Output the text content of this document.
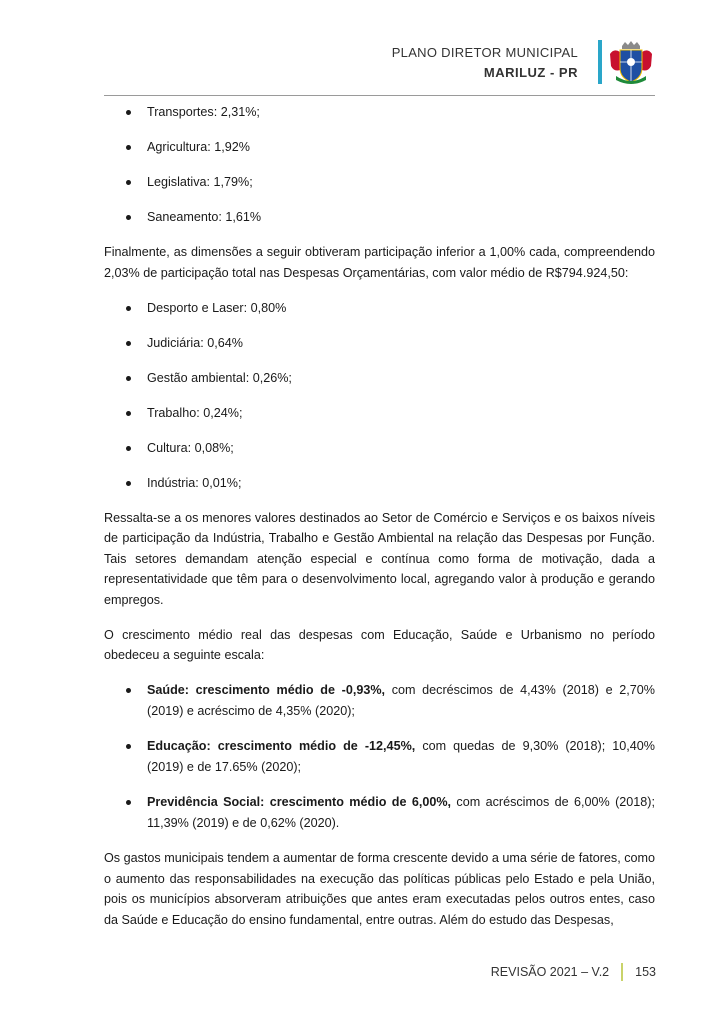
PLANO DIRETOR MUNICIPAL
MARILUZ - PR
Transportes: 2,31%;
Agricultura: 1,92%
Legislativa: 1,79%;
Saneamento: 1,61%

Finalmente, as dimensões a seguir obtiveram participação inferior a 1,00% cada, compreendendo 2,03% de participação total nas Despesas Orçamentárias, com valor médio de R$794.924,50:

Desporto e Laser: 0,80%
Judiciária: 0,64%
Gestão ambiental: 0,26%;
Trabalho: 0,24%;
Cultura: 0,08%;
Indústria: 0,01%;

Ressalta-se a os menores valores destinados ao Setor de Comércio e Serviços e os baixos níveis de participação da Indústria, Trabalho e Gestão Ambiental na relação das Despesas por Função. Tais setores demandam atenção especial e contínua como forma de motivação, dada a representatividade que têm para o desenvolvimento local, agregando valor à produção e gerando empregos.

O crescimento médio real das despesas com Educação, Saúde e Urbanismo no período obedeceu a seguinte escala:

Saúde: crescimento médio de -0,93%, com decréscimos de 4,43% (2018) e 2,70% (2019) e acréscimo de 4,35% (2020);
Educação: crescimento médio de -12,45%, com quedas de 9,30% (2018); 10,40% (2019) e de 17.65% (2020);
Previdência Social: crescimento médio de 6,00%, com acréscimos de 6,00% (2018); 11,39% (2019) e de 0,62% (2020).

Os gastos municipais tendem a aumentar de forma crescente devido a uma série de fatores, como o aumento das responsabilidades na execução das políticas públicas pelo Estado e pela União, pois os municípios absorveram atribuições que antes eram executadas pelos outros entes, caso da Saúde e Educação do ensino fundamental, entre outras. Além do estudo das Despesas,

REVISÃO 2021 – V.2 153
